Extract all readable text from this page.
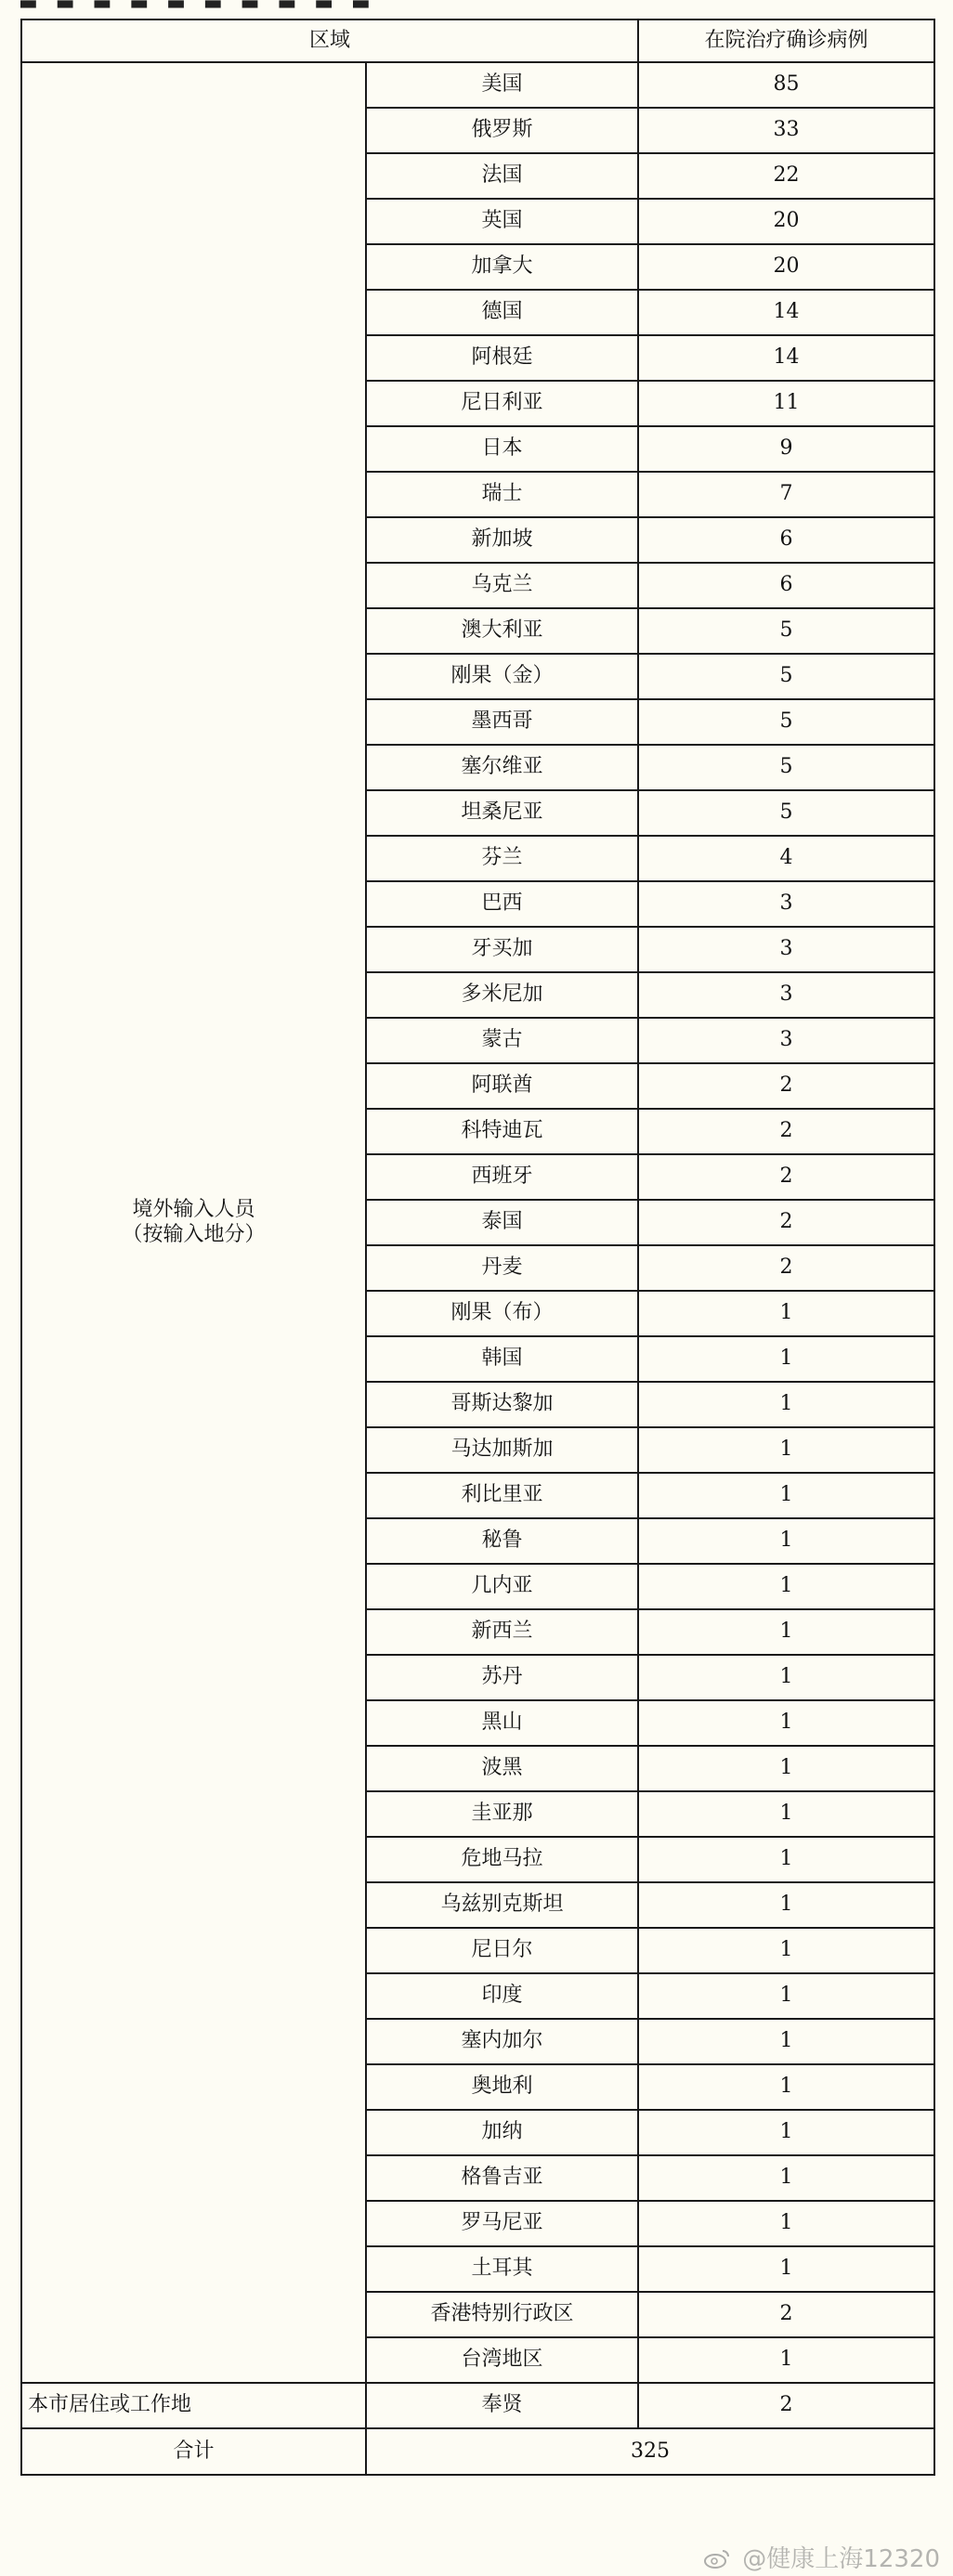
▬ ▬ ▬ ▬ ▬ ▬ ▬ ▬ ▬ ▬
区域		在院治疗确诊病例

境外输入人员
（按输入地分）	美国	85
	俄罗斯	33
	法国	22
	英国	20
	加拿大	20
	德国	14
	阿根廷	14
	尼日利亚	11
	日本	9
	瑞士	7
	新加坡	6
	乌克兰	6
	澳大利亚	5
	刚果（金）	5
	墨西哥	5
	塞尔维亚	5
	坦桑尼亚	5
	芬兰	4
	巴西	3
	牙买加	3
	多米尼加	3
	蒙古	3
	阿联酋	2
	科特迪瓦	2
	西班牙	2
	泰国	2
	丹麦	2
	刚果（布）	1
	韩国	1
	哥斯达黎加	1
	马达加斯加	1
	利比里亚	1
	秘鲁	1
	几内亚	1
	新西兰	1
	苏丹	1
	黑山	1
	波黑	1
	圭亚那	1
	危地马拉	1
	乌兹别克斯坦	1
	尼日尔	1
	印度	1
	塞内加尔	1
	奥地利	1
	加纳	1
	格鲁吉亚	1
	罗马尼亚	1
	土耳其	1
	香港特别行政区	2
	台湾地区	1
本市居住或工作地	奉贤	2
合计	325	
@健康上海12320
